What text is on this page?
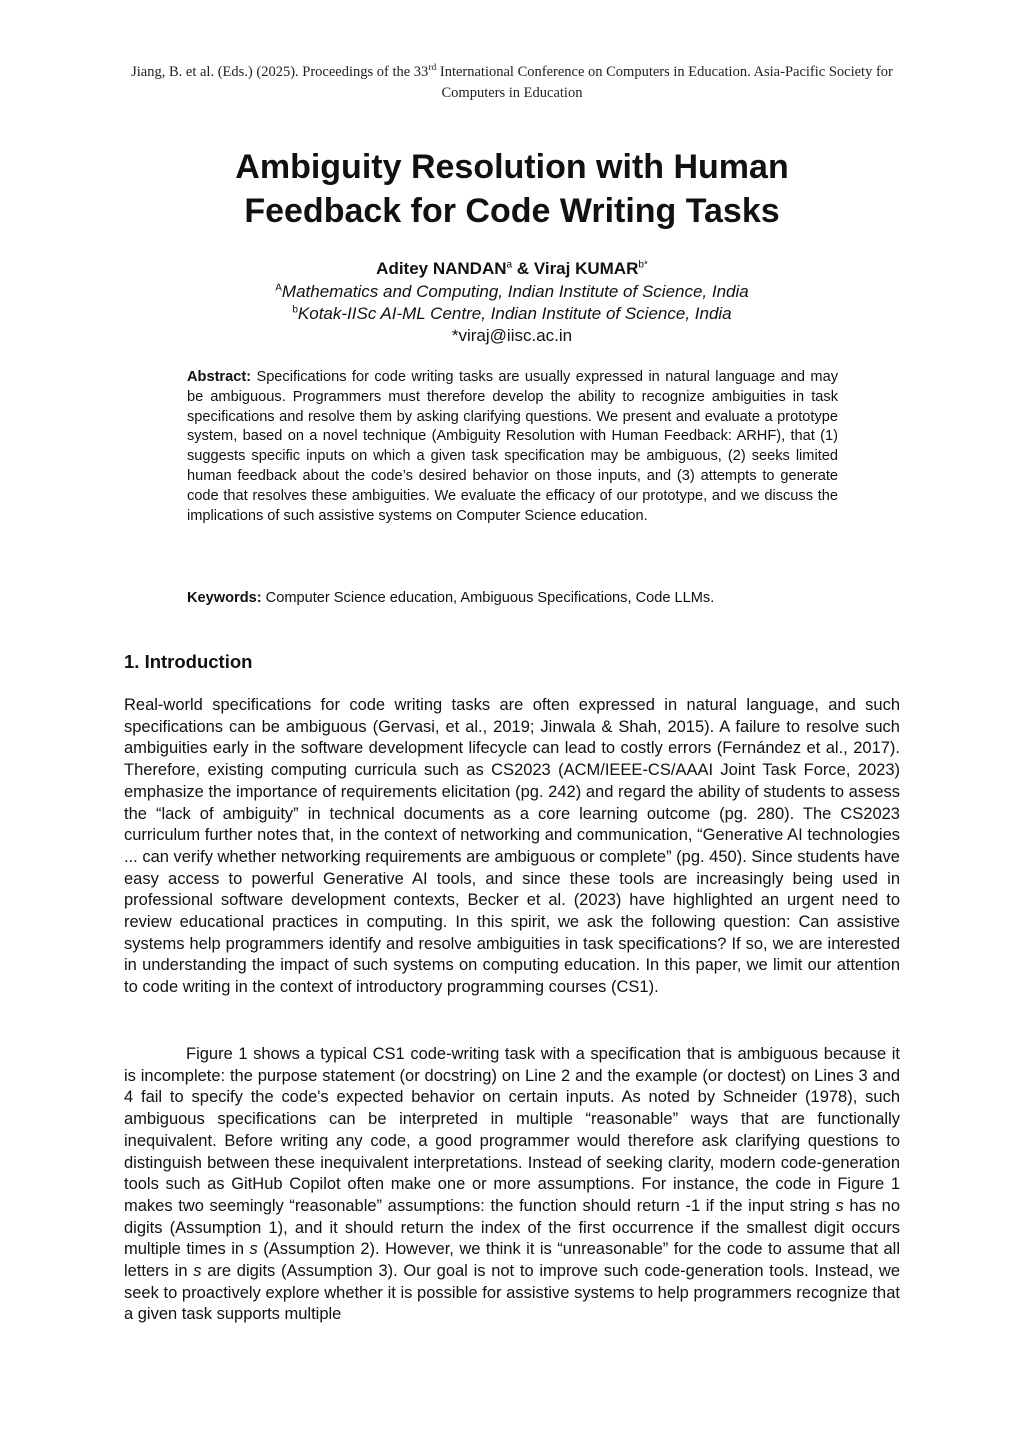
Jiang, B. et al. (Eds.) (2025). Proceedings of the 33rd International Conference on Computers in Education. Asia-Pacific Society for Computers in Education
Ambiguity Resolution with Human
Feedback for Code Writing Tasks
Aditey NANDAN$^a$ & Viraj $KUMAR^{b*}$
$^A$Mathematics and Computing, Indian Institute of Science, India
$^b$Kotak-IISc AI-ML Centre, Indian Institute of Science, India
*viraj@iisc.ac.in

Abstract: Specifications for code writing tasks are usually expressed in natural language and may be ambiguous. Programmers must therefore develop the ability to recognize ambiguities in task specifications and resolve them by asking clarifying questions. We present and evaluate a prototype system, based on a novel technique (Ambiguity Resolution with Human Feedback: ARHF), that (1) suggests specific inputs on which a given task specification may be ambiguous, (2) seeks limited human feedback about the code’s desired behavior on those inputs, and (3) attempts to generate code that resolves these ambiguities. We evaluate the efficacy of our prototype, and we discuss the implications of such assistive systems on Computer Science education.

Keywords: Computer Science education, Ambiguous Specifications, Code LLMs.

1. Introduction

Real-world specifications for code writing tasks are often expressed in natural language, and such specifications can be ambiguous (Gervasi, et al., 2019; Jinwala & Shah, 2015). A failure to resolve such ambiguities early in the software development lifecycle can lead to costly errors (Fernández et al., 2017). Therefore, existing computing curricula such as CS2023 (ACM/IEEE-CS/AAAI Joint Task Force, 2023) emphasize the importance of requirements elicitation (pg. 242) and regard the ability of students to assess the “lack of ambiguity” in technical documents as a core learning outcome (pg. 280). The CS2023 curriculum further notes that, in the context of networking and communication, “Generative AI technologies ... can verify whether networking requirements are ambiguous or complete” (pg. 450). Since students have easy access to powerful Generative AI tools, and since these tools are increasingly being used in professional software development contexts, Becker et al. (2023) have highlighted an urgent need to review educational practices in computing. In this spirit, we ask the following question: Can assistive systems help programmers identify and resolve ambiguities in task specifications? If so, we are interested in understanding the impact of such systems on computing education. In this paper, we limit our attention to code writing in the context of introductory programming courses (CS1).

Figure 1 shows a typical CS1 code-writing task with a specification that is ambiguous because it is incomplete: the purpose statement (or docstring) on Line 2 and the example (or doctest) on Lines 3 and 4 fail to specify the code's expected behavior on certain inputs. As noted by Schneider (1978), such ambiguous specifications can be interpreted in multiple “reasonable” ways that are functionally inequivalent. Before writing any code, a good programmer would therefore ask clarifying questions to distinguish between these inequivalent interpretations. Instead of seeking clarity, modern code-generation tools such as GitHub Copilot often make one or more assumptions. For instance, the code in Figure 1 makes two seemingly “reasonable” assumptions: the function should return -1 if the input string s has no digits (Assumption 1), and it should return the index of the first occurrence if the smallest digit occurs multiple times in s (Assumption 2). However, we think it is “unreasonable” for the code to assume that all letters in s are digits (Assumption 3). Our goal is not to improve such code-generation tools. Instead, we seek to proactively explore whether it is possible for assistive systems to help programmers recognize that a given task supports multiple
